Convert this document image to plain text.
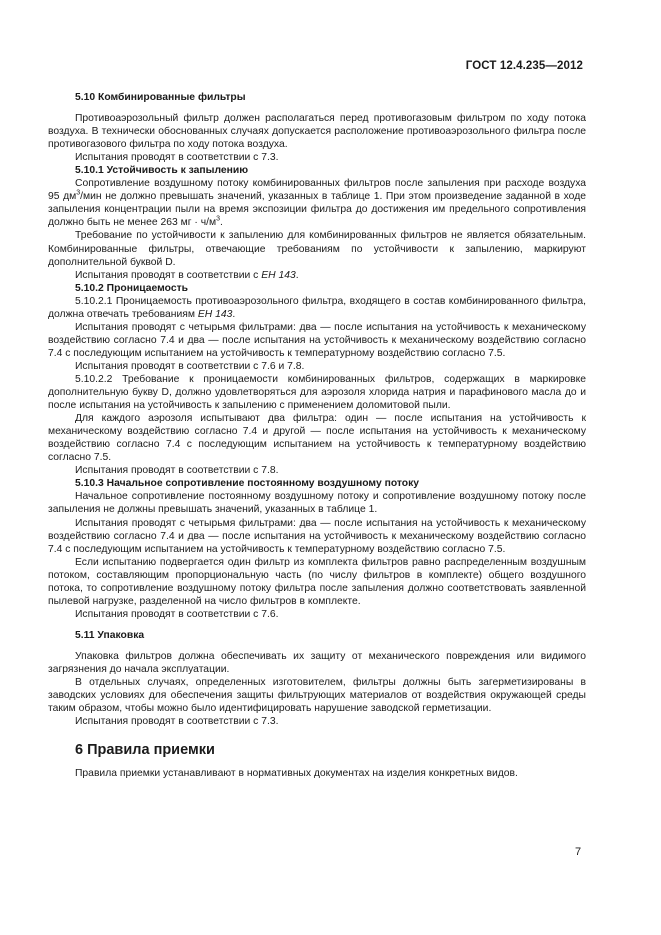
ГОСТ 12.4.235—2012
5.10 Комбинированные фильтры

Противоаэрозольный фильтр должен располагаться перед противогазовым фильтром по ходу потока воздуха. В технически обоснованных случаях допускается расположение противоаэрозольного фильтра после противогазового фильтра по ходу потока воздуха.

Испытания проводят в соответствии с 7.3.

5.10.1 Устойчивость к запылению

Сопротивление воздушному потоку комбинированных фильтров после запыления при расходе воздуха 95 $дм^3$/мин не должно превышать значений, указанных в таблице 1. При этом произведение заданной в ходе запыления концентрации пыли на время экспозиции фильтра до достижения им предельного сопротивления должно быть не менее 263 мг · $ч/м^3$.

Требование по устойчивости к запылению для комбинированных фильтров не является обязательным. Комбинированные фильтры, отвечающие требованиям по устойчивости к запылению, маркируют дополнительной буквой D.

Испытания проводят в соответствии с ЕН 143.

5.10.2 Проницаемость

5.10.2.1 Проницаемость противоаэрозольного фильтра, входящего в состав комбинированного фильтра, должна отвечать требованиям ЕН 143.

Испытания проводят с четырьмя фильтрами: два — после испытания на устойчивость к механическому воздействию согласно 7.4 и два — после испытания на устойчивость к механическому воздействию согласно 7.4 с последующим испытанием на устойчивость к температурному воздействию согласно 7.5.

Испытания проводят в соответствии с 7.6 и 7.8.

5.10.2.2 Требование к проницаемости комбинированных фильтров, содержащих в маркировке дополнительную букву D, должно удовлетворяться для аэрозоля хлорида натрия и парафинового масла до и после испытания на устойчивость к запылению с применением доломитовой пыли.

Для каждого аэрозоля испытывают два фильтра: один — после испытания на устойчивость к механическому воздействию согласно 7.4 и другой — после испытания на устойчивость к механическому воздействию согласно 7.4 с последующим испытанием на устойчивость к температурному воздействию согласно 7.5.

Испытания проводят в соответствии с 7.8.

5.10.3 Начальное сопротивление постоянному воздушному потоку

Начальное сопротивление постоянному воздушному потоку и сопротивление воздушному потоку после запыления не должны превышать значений, указанных в таблице 1.

Испытания проводят с четырьмя фильтрами: два — после испытания на устойчивость к механическому воздействию согласно 7.4 и два — после испытания на устойчивость к механическому воздействию согласно 7.4 с последующим испытанием на устойчивость к температурному воздействию согласно 7.5.

Если испытанию подвергается один фильтр из комплекта фильтров равно распределенным воздушным потоком, составляющим пропорциональную часть (по числу фильтров в комплекте) общего воздушного потока, то сопротивление воздушному потоку фильтра после запыления должно соответствовать заявленной пылевой нагрузке, разделенной на число фильтров в комплекте.

Испытания проводят в соответствии с 7.6.

5.11 Упаковка

Упаковка фильтров должна обеспечивать их защиту от механического повреждения или видимого загрязнения до начала эксплуатации.

В отдельных случаях, определенных изготовителем, фильтры должны быть загерметизированы в заводских условиях для обеспечения защиты фильтрующих материалов от воздействия окружающей среды таким образом, чтобы можно было идентифицировать нарушение заводской герметизации.

Испытания проводят в соответствии с 7.3.

6 Правила приемки

Правила приемки устанавливают в нормативных документах на изделия конкретных видов.

7
